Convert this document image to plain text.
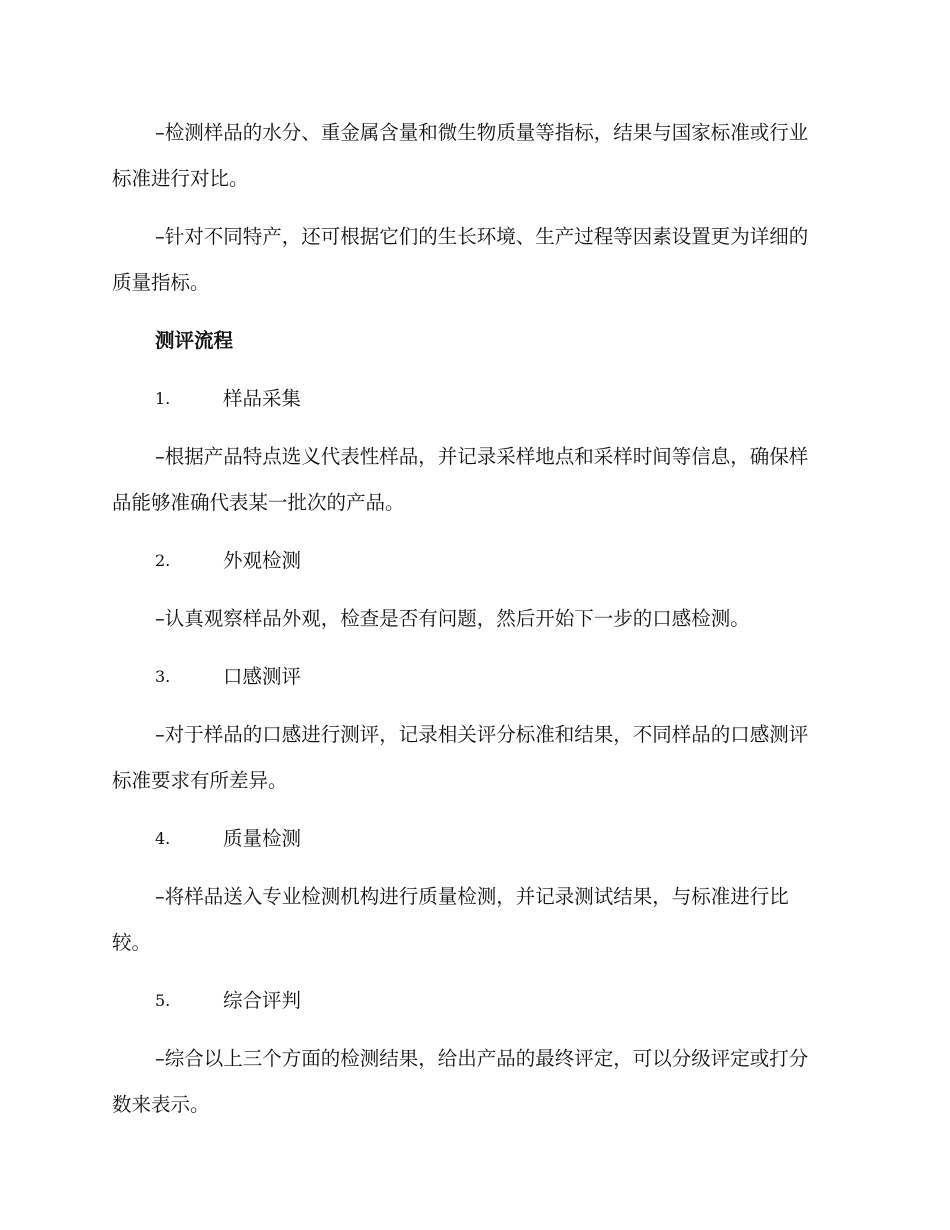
–检测样品的水分、重金属含量和微生物质量等指标，结果与国家标准或行业标准进行对比。

–针对不同特产，还可根据它们的生长环境、生产过程等因素设置更为详细的质量指标。

测评流程
1.	样品采集

–根据产品特点选义代表性样品，并记录采样地点和采样时间等信息，确保样品能够准确代表某一批次的产品。

2.	外观检测

–认真观察样品外观，检查是否有问题，然后开始下一步的口感检测。

3.	口感测评

–对于样品的口感进行测评，记录相关评分标准和结果，不同样品的口感测评标准要求有所差异。

4.	质量检测

–将样品送入专业检测机构进行质量检测，并记录测试结果，与标准进行比较。

5.	综合评判

–综合以上三个方面的检测结果，给出产品的最终评定，可以分级评定或打分数来表示。
